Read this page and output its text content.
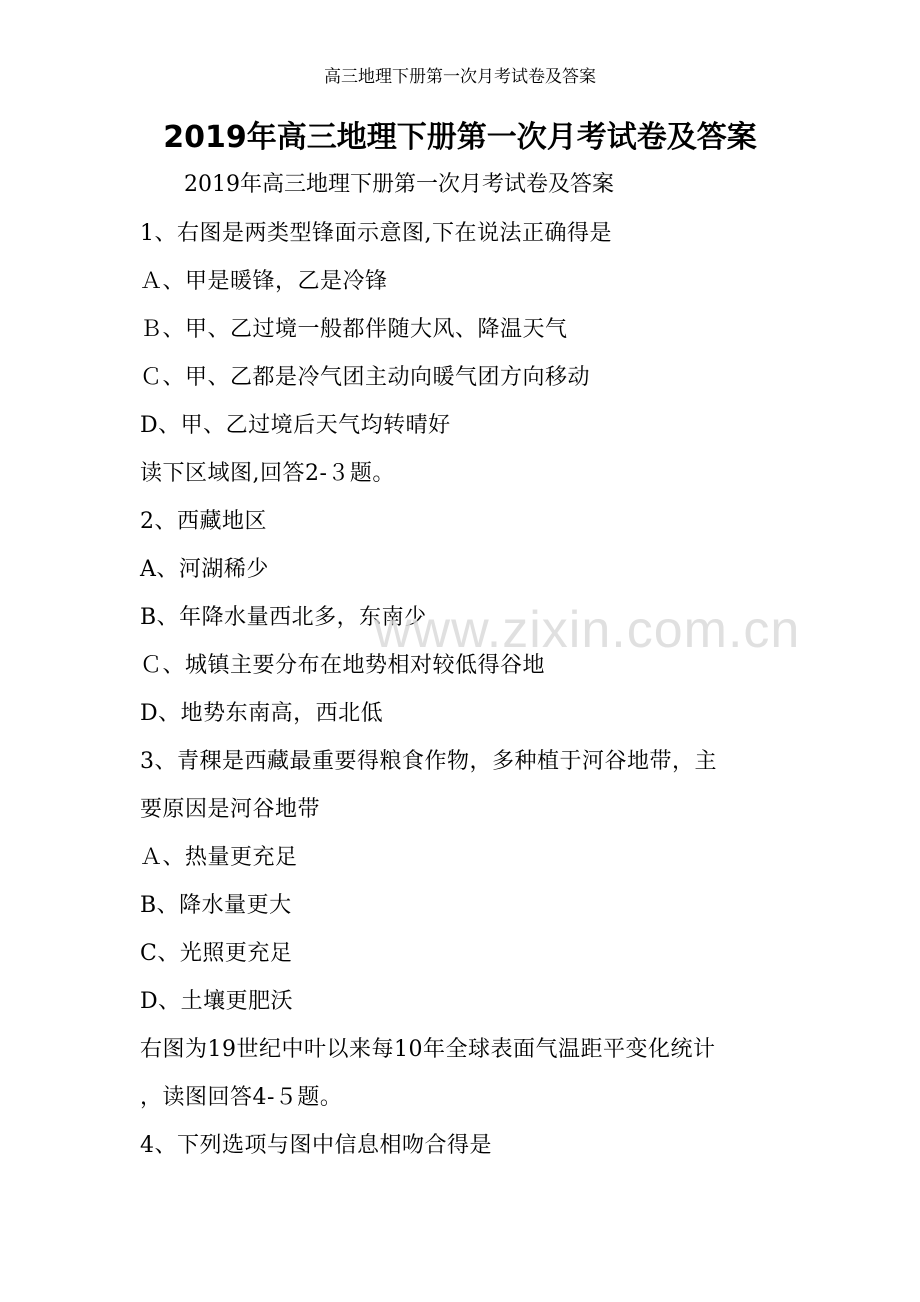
高三地理下册第一次月考试卷及答案
2019年高三地理下册第一次月考试卷及答案
2019年高三地理下册第一次月考试卷及答案
1、右图是两类型锋面示意图,下在说法正确得是
Ａ、甲是暖锋，乙是冷锋
Ｂ、甲、乙过境一般都伴随大风、降温天气
Ｃ、甲、乙都是冷气团主动向暖气团方向移动
D、甲、乙过境后天气均转晴好
读下区域图,回答2-３题。
2、西藏地区
A、河湖稀少
B、年降水量西北多，东南少
Ｃ、城镇主要分布在地势相对较低得谷地
D、地势东南高，西北低
3、青稞是西藏最重要得粮食作物，多种植于河谷地带，主
要原因是河谷地带
Ａ、热量更充足
B、降水量更大
C、光照更充足
D、土壤更肥沃
右图为19世纪中叶以来每10年全球表面气温距平变化统计
，读图回答4-５题。
4、下列选项与图中信息相吻合得是
www.zixin.com.cn
